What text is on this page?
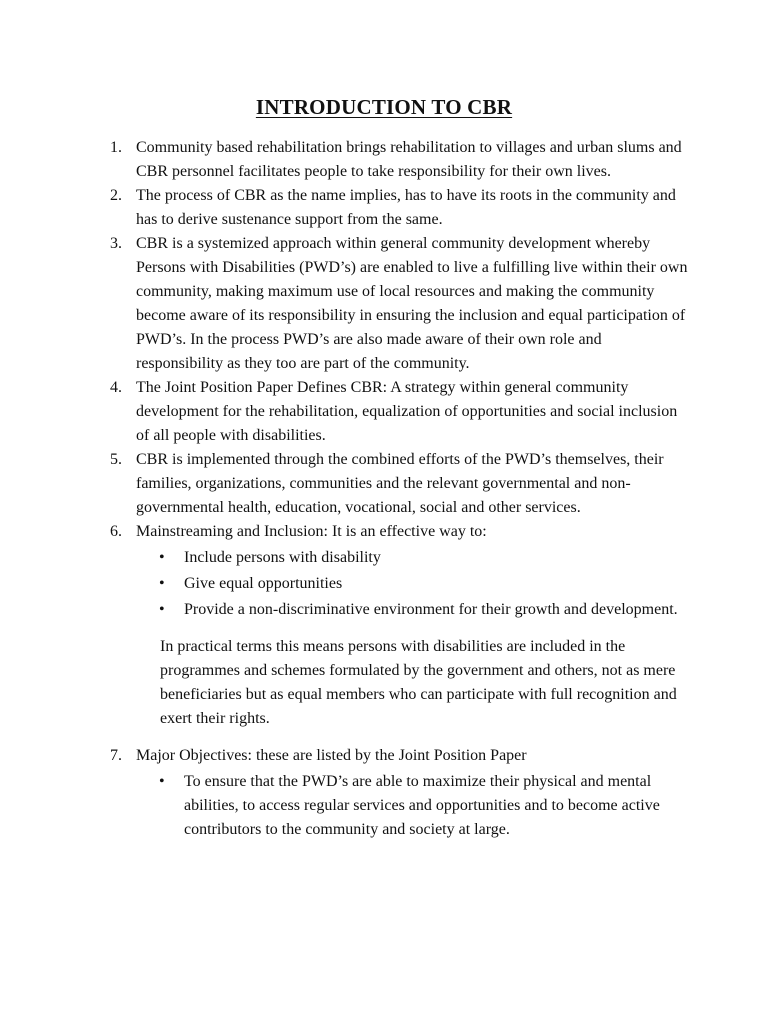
INTRODUCTION TO CBR
1. Community based rehabilitation brings rehabilitation to villages and urban slums and CBR personnel facilitates people to take responsibility for their own lives.
2. The process of CBR as the name implies, has to have its roots in the community and has to derive sustenance support from the same.
3. CBR is a systemized approach within general community development whereby Persons with Disabilities (PWD’s) are enabled to live a fulfilling live within their own community, making maximum use of local resources and making the community become aware of its responsibility in ensuring the inclusion and equal participation of PWD’s. In the process PWD’s are also made aware of their own role and responsibility as they too are part of the community.
4. The Joint Position Paper Defines CBR: A strategy within general community development for the rehabilitation, equalization of opportunities and social inclusion of all people with disabilities.
5. CBR is implemented through the combined efforts of the PWD’s themselves, their families, organizations, communities and the relevant governmental and non-governmental health, education, vocational, social and other services.
6. Mainstreaming and Inclusion: It is an effective way to:
• Include persons with disability
• Give equal opportunities
• Provide a non-discriminative environment for their growth and development.

In practical terms this means persons with disabilities are included in the programmes and schemes formulated by the government and others, not as mere beneficiaries but as equal members who can participate with full recognition and exert their rights.

7. Major Objectives: these are listed by the Joint Position Paper
• To ensure that the PWD’s are able to maximize their physical and mental abilities, to access regular services and opportunities and to become active contributors to the community and society at large.
